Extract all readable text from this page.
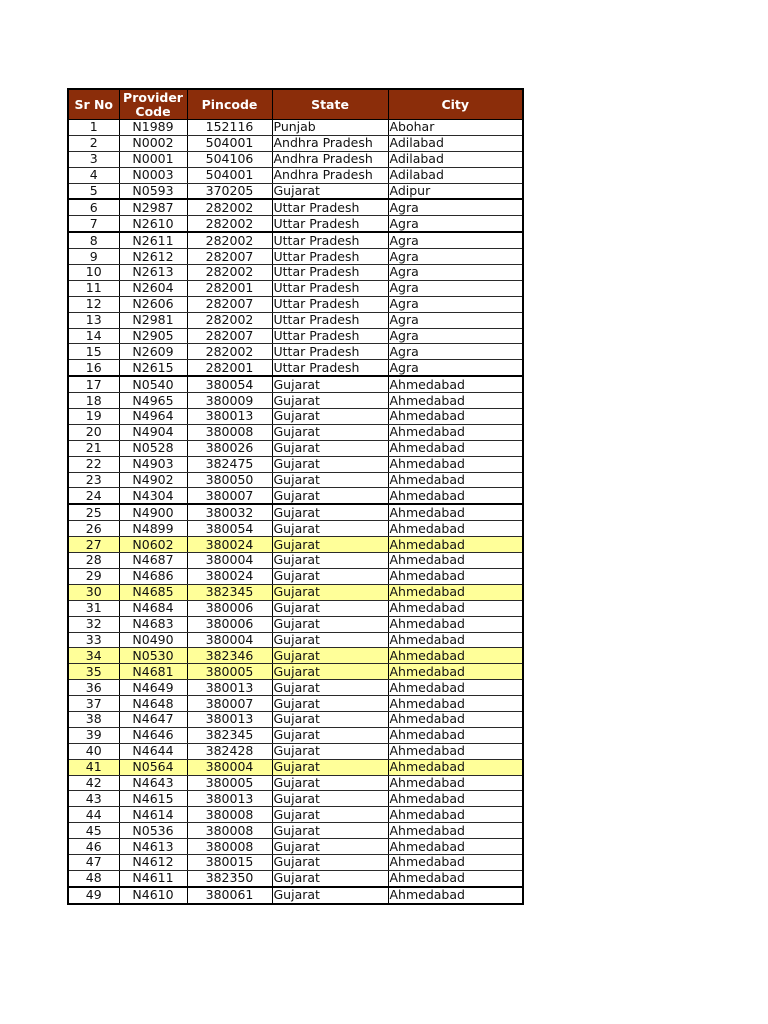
Sr No	Provider Code	Pincode	State	City
1	N1989	152116	Punjab	Abohar
2	N0002	504001	Andhra Pradesh	Adilabad
3	N0001	504106	Andhra Pradesh	Adilabad
4	N0003	504001	Andhra Pradesh	Adilabad
5	N0593	370205	Gujarat	Adipur
6	N2987	282002	Uttar Pradesh	Agra
7	N2610	282002	Uttar Pradesh	Agra
8	N2611	282002	Uttar Pradesh	Agra
9	N2612	282007	Uttar Pradesh	Agra
10	N2613	282002	Uttar Pradesh	Agra
11	N2604	282001	Uttar Pradesh	Agra
12	N2606	282007	Uttar Pradesh	Agra
13	N2981	282002	Uttar Pradesh	Agra
14	N2905	282007	Uttar Pradesh	Agra
15	N2609	282002	Uttar Pradesh	Agra
16	N2615	282001	Uttar Pradesh	Agra
17	N0540	380054	Gujarat	Ahmedabad
18	N4965	380009	Gujarat	Ahmedabad
19	N4964	380013	Gujarat	Ahmedabad
20	N4904	380008	Gujarat	Ahmedabad
21	N0528	380026	Gujarat	Ahmedabad
22	N4903	382475	Gujarat	Ahmedabad
23	N4902	380050	Gujarat	Ahmedabad
24	N4304	380007	Gujarat	Ahmedabad
25	N4900	380032	Gujarat	Ahmedabad
26	N4899	380054	Gujarat	Ahmedabad
27	N0602	380024	Gujarat	Ahmedabad
28	N4687	380004	Gujarat	Ahmedabad
29	N4686	380024	Gujarat	Ahmedabad
30	N4685	382345	Gujarat	Ahmedabad
31	N4684	380006	Gujarat	Ahmedabad
32	N4683	380006	Gujarat	Ahmedabad
33	N0490	380004	Gujarat	Ahmedabad
34	N0530	382346	Gujarat	Ahmedabad
35	N4681	380005	Gujarat	Ahmedabad
36	N4649	380013	Gujarat	Ahmedabad
37	N4648	380007	Gujarat	Ahmedabad
38	N4647	380013	Gujarat	Ahmedabad
39	N4646	382345	Gujarat	Ahmedabad
40	N4644	382428	Gujarat	Ahmedabad
41	N0564	380004	Gujarat	Ahmedabad
42	N4643	380005	Gujarat	Ahmedabad
43	N4615	380013	Gujarat	Ahmedabad
44	N4614	380008	Gujarat	Ahmedabad
45	N0536	380008	Gujarat	Ahmedabad
46	N4613	380008	Gujarat	Ahmedabad
47	N4612	380015	Gujarat	Ahmedabad
48	N4611	382350	Gujarat	Ahmedabad
49	N4610	380061	Gujarat	Ahmedabad
